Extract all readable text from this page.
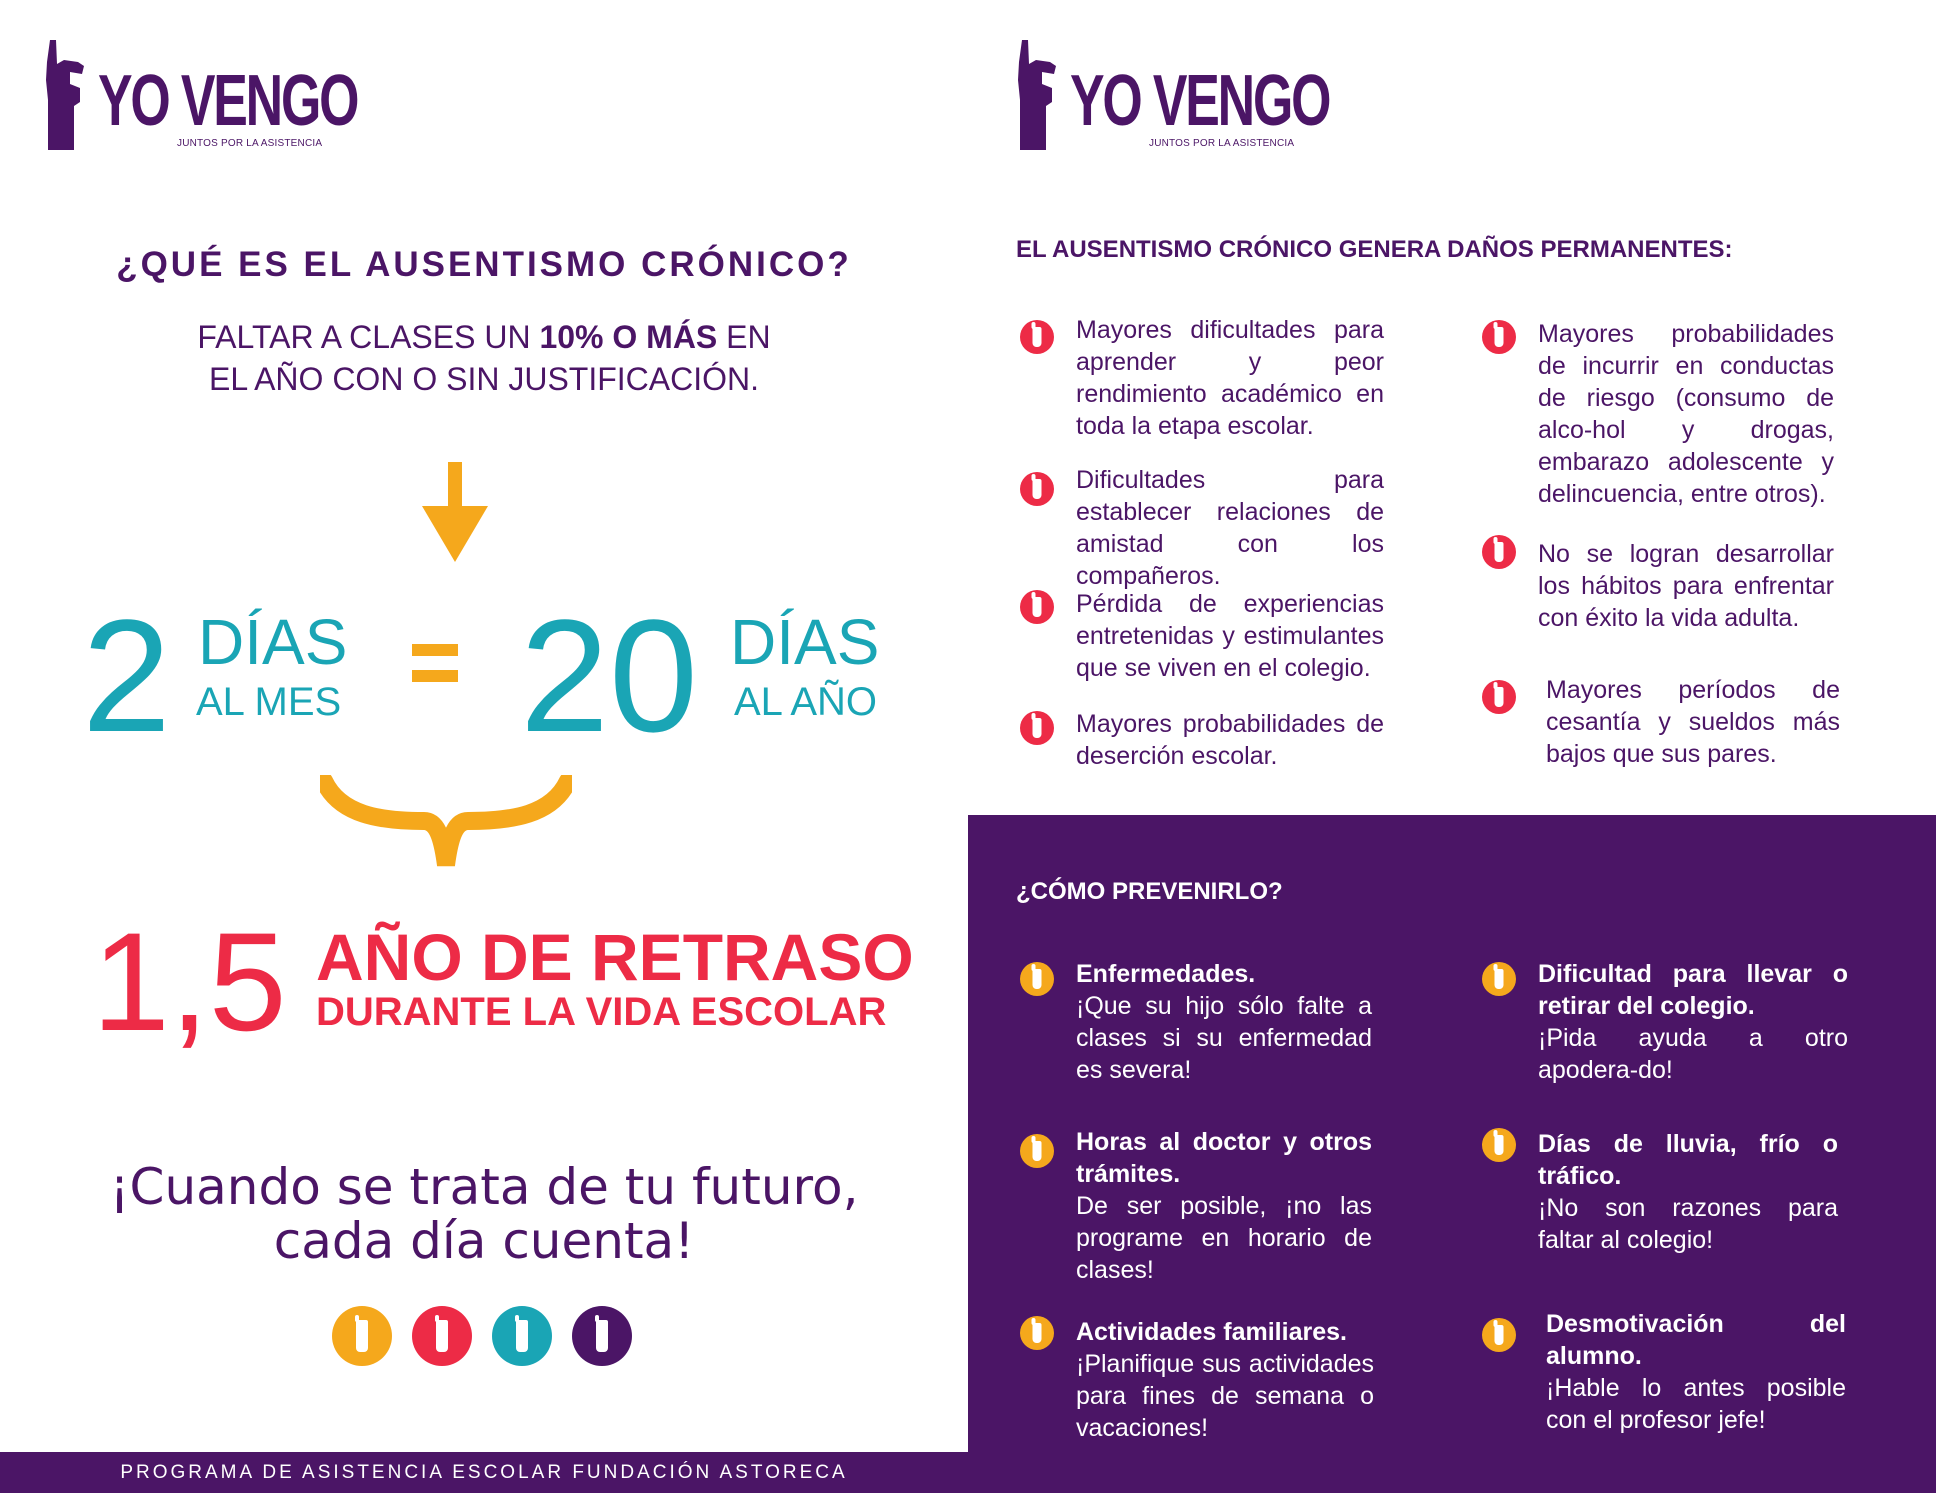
YO VENGO
JUNTOS POR LA ASISTENCIA
¿QUÉ ES EL AUSENTISMO CRÓNICO?
FALTAR A CLASES UN 10% O MÁS EN
EL AÑO CON O SIN JUSTIFICACIÓN.
2 DÍAS
AL MES 20 DÍAS
AL AÑO
1,5 AÑO DE RETRASO
DURANTE LA VIDA ESCOLAR
¡Cuando se trata de tu futuro,
cada día cuenta!
PROGRAMA DE ASISTENCIA ESCOLAR FUNDACIÓN ASTORECA
YO VENGO
JUNTOS POR LA ASISTENCIA
EL AUSENTISMO CRÓNICO GENERA DAÑOS PERMANENTES:
Mayores dificultades para aprender y peor rendimiento académico en toda la etapa escolar.
Dificultades para establecer relaciones de amistad con los compañeros.
Pérdida de experiencias entretenidas y estimulantes que se viven en el colegio.
Mayores probabilidades de deserción escolar.
Mayores probabilidades de incurrir en conductas de riesgo (consumo de alco-hol y drogas, embarazo adolescente y delincuencia, entre otros).
No se logran desarrollar los hábitos para enfrentar con éxito la vida adulta.
Mayores períodos de cesantía y sueldos más bajos que sus pares.
¿CÓMO PREVENIRLO?
Enfermedades.
¡Que su hijo sólo falte a clases si su enfermedad es severa!
Horas al doctor y otros trámites.
De ser posible, ¡no las programe en horario de clases!
Actividades familiares.
¡Planifique sus actividades para fines de semana o vacaciones!
Dificultad para llevar o retirar del colegio.
¡Pida ayuda a otro apodera-do!
Días de lluvia, frío o tráfico.
¡No son razones para faltar al colegio!
Desmotivación del alumno.
¡Hable lo antes posible con el profesor jefe!
